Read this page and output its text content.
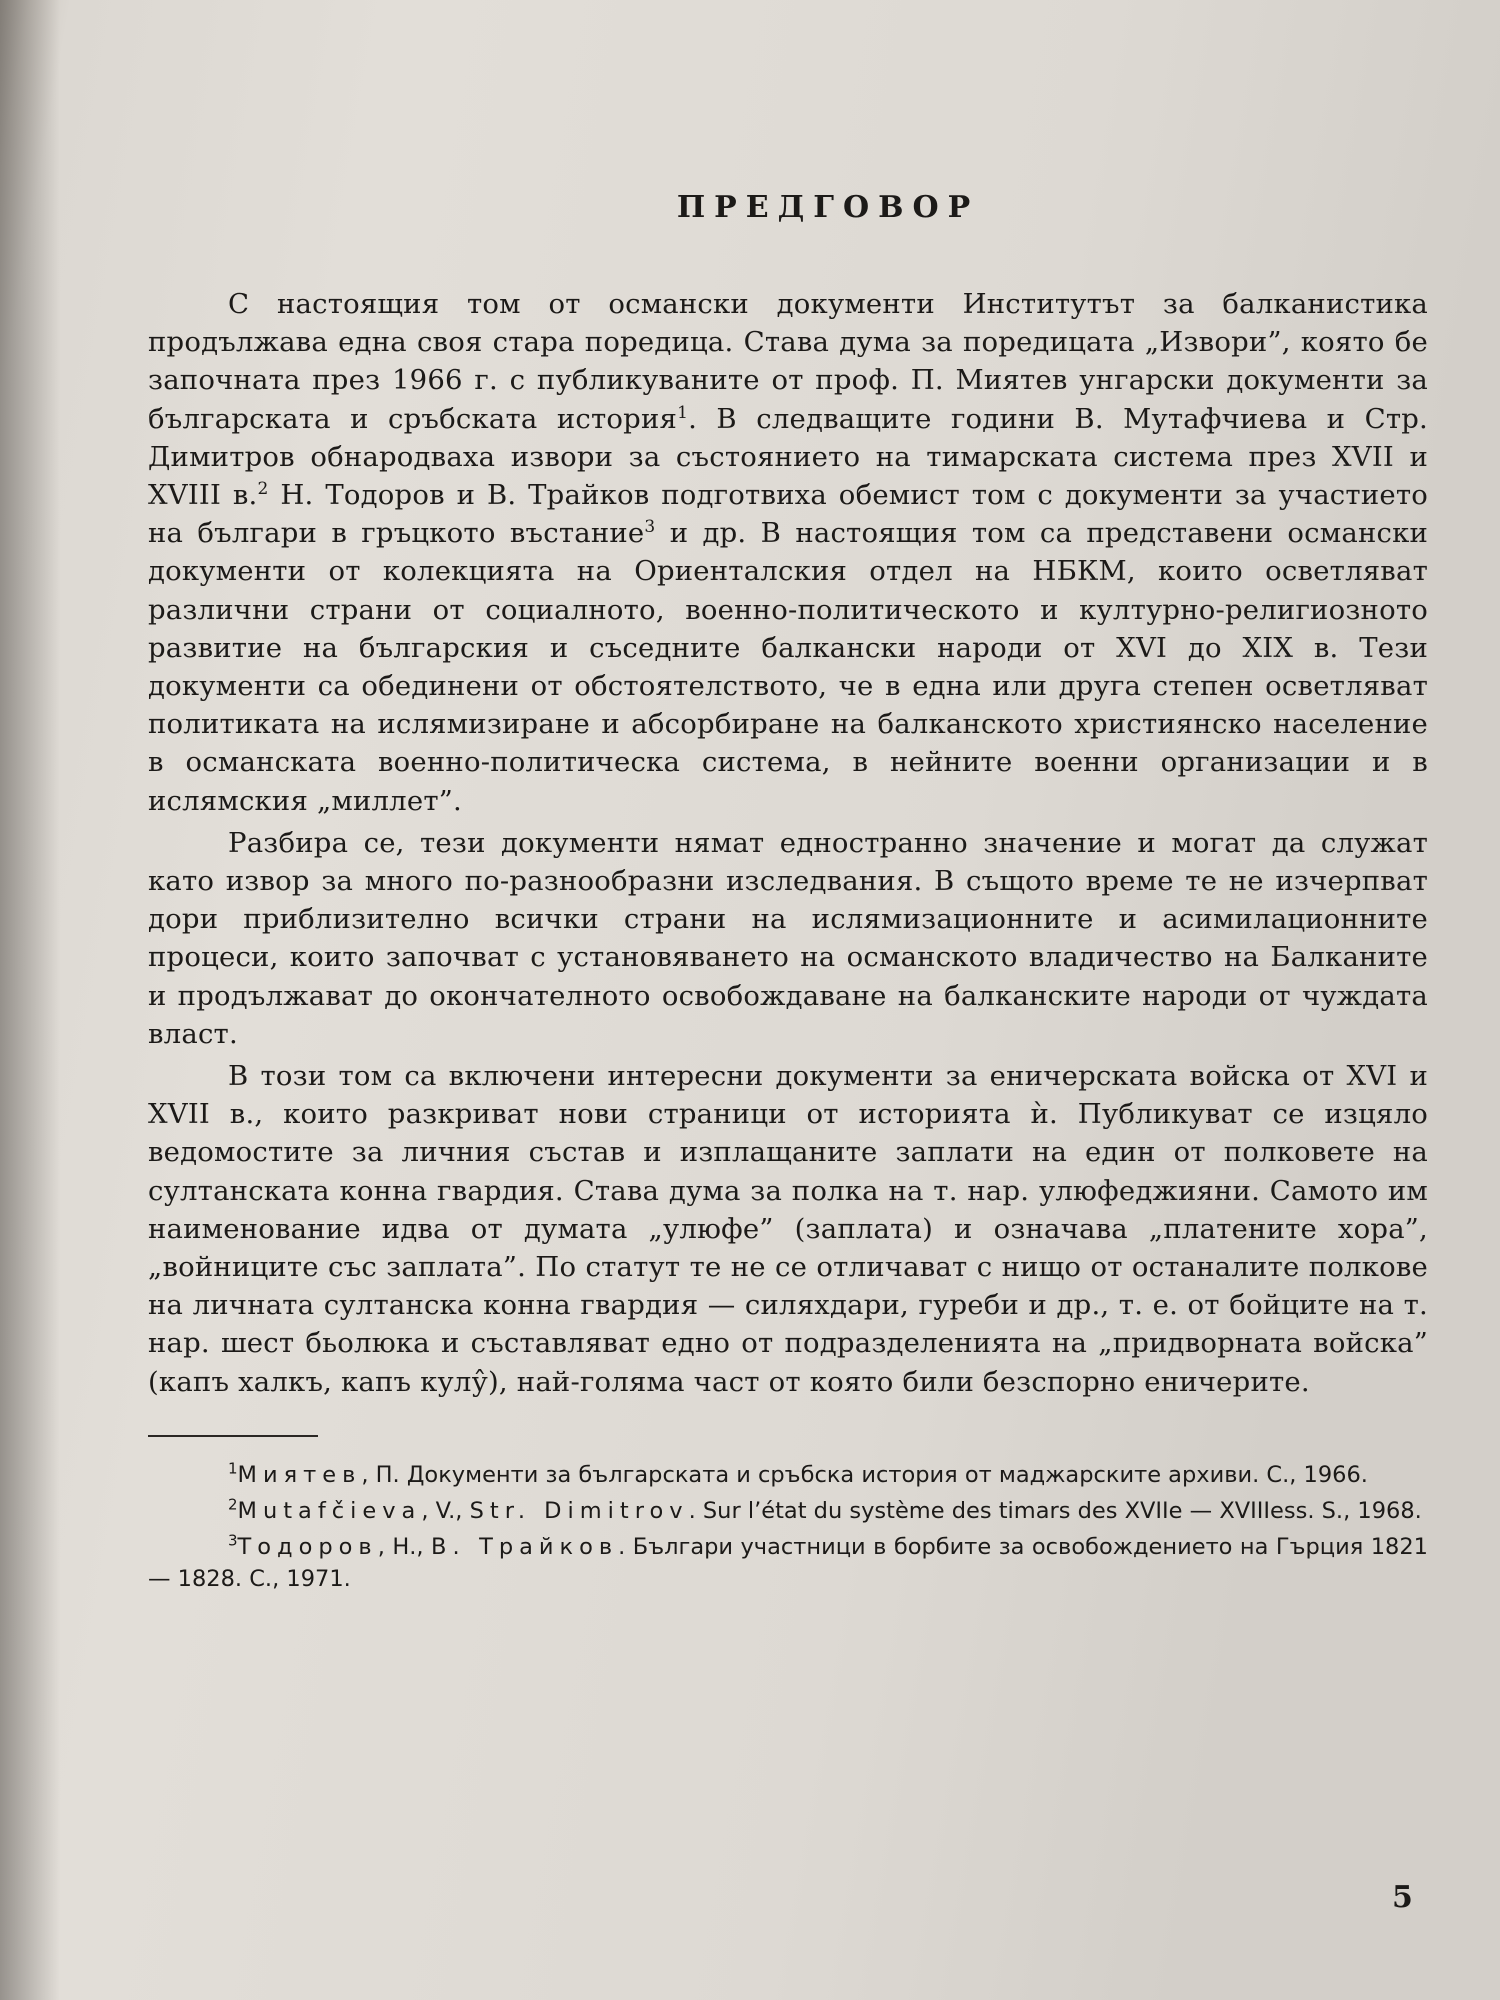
ПРЕДГОВОР

С настоящия том от османски документи Институтът за балканистика продължава една своя стара поредица. Става дума за поредицата „Извори”, която бе започната през 1966 г. с публикуваните от проф. П. Миятев унгарски документи за българската и сръбската история$^1$. В следващите години В. Мутафчиева и Стр. Димитров обнародваха извори за състоянието на тимарската система през XVII и XVIII в.$^2$ Н. Тодоров и В. Трайков подготвиха обемист том с документи за участието на българи в гръцкото въстание$^3$ и др. В настоящия том са представени османски документи от колекцията на Ориенталския отдел на НБКМ, които осветляват различни страни от социалното, военно-политическото и културно-религиозното развитие на българския и съседните балкански народи от XVI до XIX в. Тези документи са обединени от обстоятелството, че в една или друга степен осветляват политиката на ислямизиране и абсорбиране на балканското християнско население в османската военно-политическа система, в нейните военни организации и в ислямския „миллет”.

Разбира се, тези документи нямат едностранно значение и могат да служат като извор за много по-разнообразни изследвания. В същото време те не изчерпват дори приблизително всички страни на ислямизационните и асимилационните процеси, които започват с установяването на османското владичество на Балканите и продължават до окончателното освобождаване на балканските народи от чуждата власт.

В този том са включени интересни документи за еничерската войска от XVI и XVII в., които разкриват нови страници от историята ѝ. Публикуват се изцяло ведомостите за личния състав и изплащаните заплати на един от полковете на султанската конна гвардия. Става дума за полка на т. нар. улюфеджияни. Самото им наименование идва от думата „улюфе” (заплата) и означава „платените хора”, „войниците със заплата”. По статут те не се отличават с нищо от останалите полкове на личната султанска конна гвардия — силяхдари, гуреби и др., т. е. от бойците на т. нар. шест бьолюка и съставляват едно от подразделенията на „придворната войска” (капъ халкъ, капъ кулу̂), най-голяма част от която били безспорно еничерите.

$^1$Миятев, П. Документи за българската и сръбска история от маджарските архиви. С., 1966.

$^2$Mutafčieva, V., Str. Dimitrov. Sur l’état du système des timars des XVIIe — XVIIIess. S., 1968.

$^3$Тодоров, Н., В. Трайков. Българи участници в борбите за освобождението на Гърция 1821 — 1828. С., 1971.

5
